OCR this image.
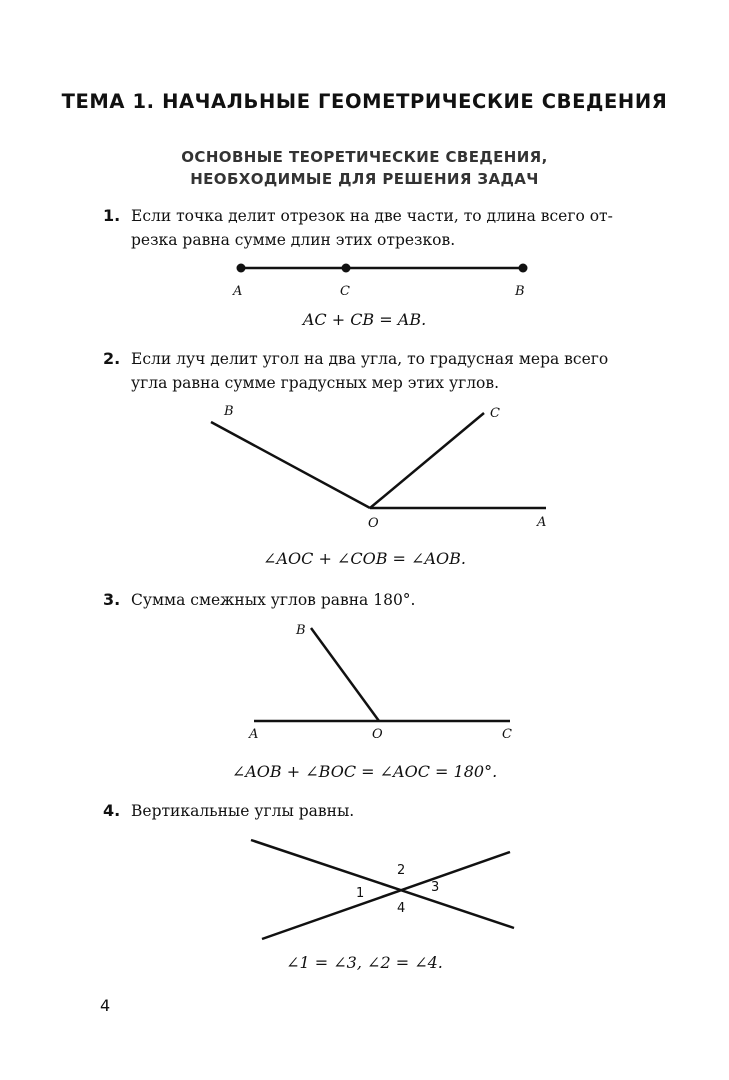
ТЕМА 1. НАЧАЛЬНЫЕ ГЕОМЕТРИЧЕСКИЕ СВЕДЕНИЯ
ОСНОВНЫЕ ТЕОРЕТИЧЕСКИЕ СВЕДЕНИЯ,
НЕОБХОДИМЫЕ ДЛЯ РЕШЕНИЯ ЗАДАЧ
1. Если точка делит отрезок на две части, то длина всего от-
резка равна сумме длин этих отрезков.
A	C	B
AC + CB = AB.
2. Если луч делит угол на два угла, то градусная мера всего
угла равна сумме градусных мер этих углов.
B	C
O	A
∠AOC + ∠COB = ∠AOB.
3. Сумма смежных углов равна 180°.
B
A	O	C
∠AOB + ∠BOC = ∠AOC = 180°.
4. Вертикальные углы равны.
1
2
3
4
∠1 = ∠3, ∠2 = ∠4.
4
